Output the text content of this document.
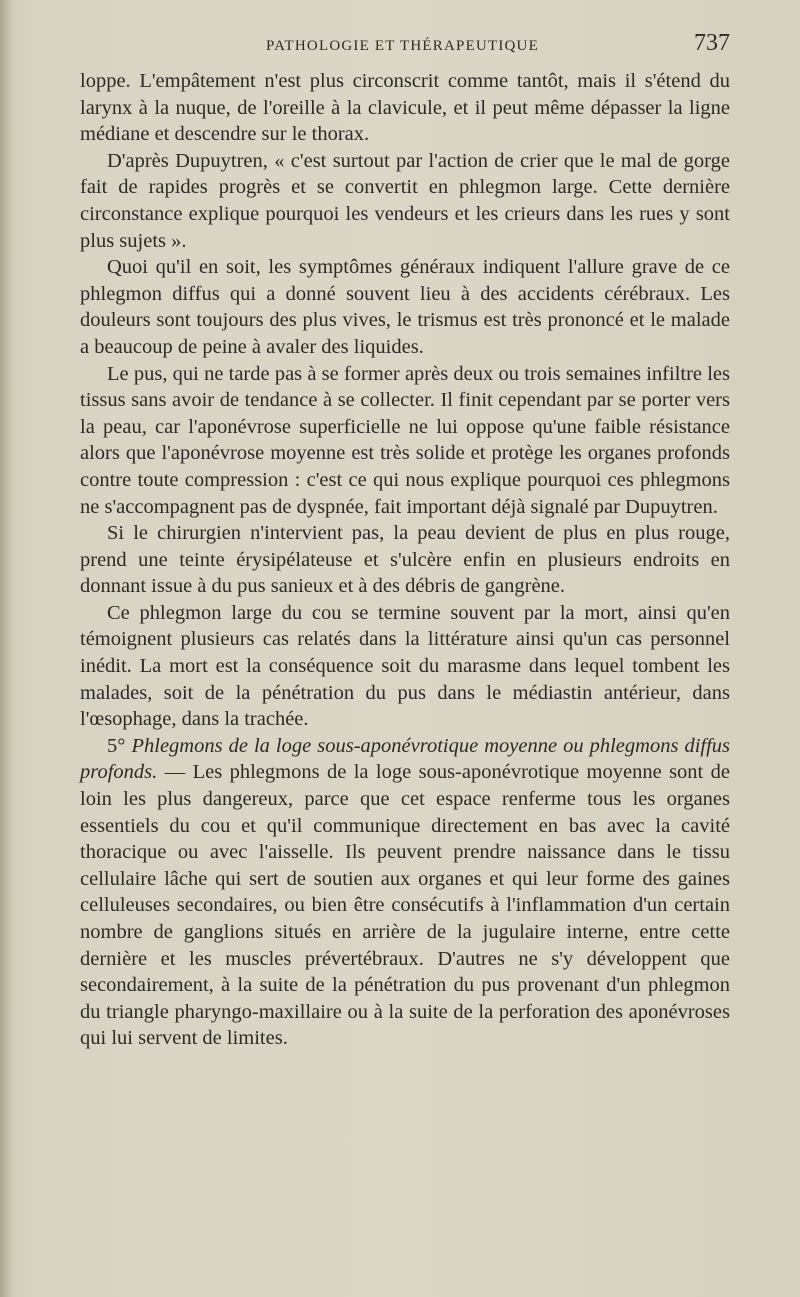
PATHOLOGIE ET THÉRAPEUTIQUE	737

loppe. L'empâtement n'est plus circonscrit comme tantôt, mais il s'étend du larynx à la nuque, de l'oreille à la clavicule, et il peut même dépasser la ligne médiane et descendre sur le thorax.

D'après Dupuytren, « c'est surtout par l'action de crier que le mal de gorge fait de rapides progrès et se convertit en phlegmon large. Cette dernière circonstance explique pourquoi les vendeurs et les crieurs dans les rues y sont plus sujets ».

Quoi qu'il en soit, les symptômes généraux indiquent l'allure grave de ce phlegmon diffus qui a donné souvent lieu à des accidents cérébraux. Les douleurs sont toujours des plus vives, le trismus est très prononcé et le malade a beaucoup de peine à avaler des liquides.

Le pus, qui ne tarde pas à se former après deux ou trois semaines infiltre les tissus sans avoir de tendance à se collecter. Il finit cependant par se porter vers la peau, car l'aponévrose superficielle ne lui oppose qu'une faible résistance alors que l'aponévrose moyenne est très solide et protège les organes profonds contre toute compression : c'est ce qui nous explique pourquoi ces phlegmons ne s'accompagnent pas de dyspnée, fait important déjà signalé par Dupuytren.

Si le chirurgien n'intervient pas, la peau devient de plus en plus rouge, prend une teinte érysipélateuse et s'ulcère enfin en plusieurs endroits en donnant issue à du pus sanieux et à des débris de gangrène.

Ce phlegmon large du cou se termine souvent par la mort, ainsi qu'en témoignent plusieurs cas relatés dans la littérature ainsi qu'un cas personnel inédit. La mort est la conséquence soit du marasme dans lequel tombent les malades, soit de la pénétration du pus dans le médiastin antérieur, dans l'œsophage, dans la trachée.

5° Phlegmons de la loge sous-aponévrotique moyenne ou phlegmons diffus profonds. — Les phlegmons de la loge sous-aponévrotique moyenne sont de loin les plus dangereux, parce que cet espace renferme tous les organes essentiels du cou et qu'il communique directement en bas avec la cavité thoracique ou avec l'aisselle. Ils peuvent prendre naissance dans le tissu cellulaire lâche qui sert de soutien aux organes et qui leur forme des gaines celluleuses secondaires, ou bien être consécutifs à l'inflammation d'un certain nombre de ganglions situés en arrière de la jugulaire interne, entre cette dernière et les muscles prévertébraux. D'autres ne s'y développent que secondairement, à la suite de la pénétration du pus provenant d'un phlegmon du triangle pharyngo-maxillaire ou à la suite de la perforation des aponévroses qui lui servent de limites.
